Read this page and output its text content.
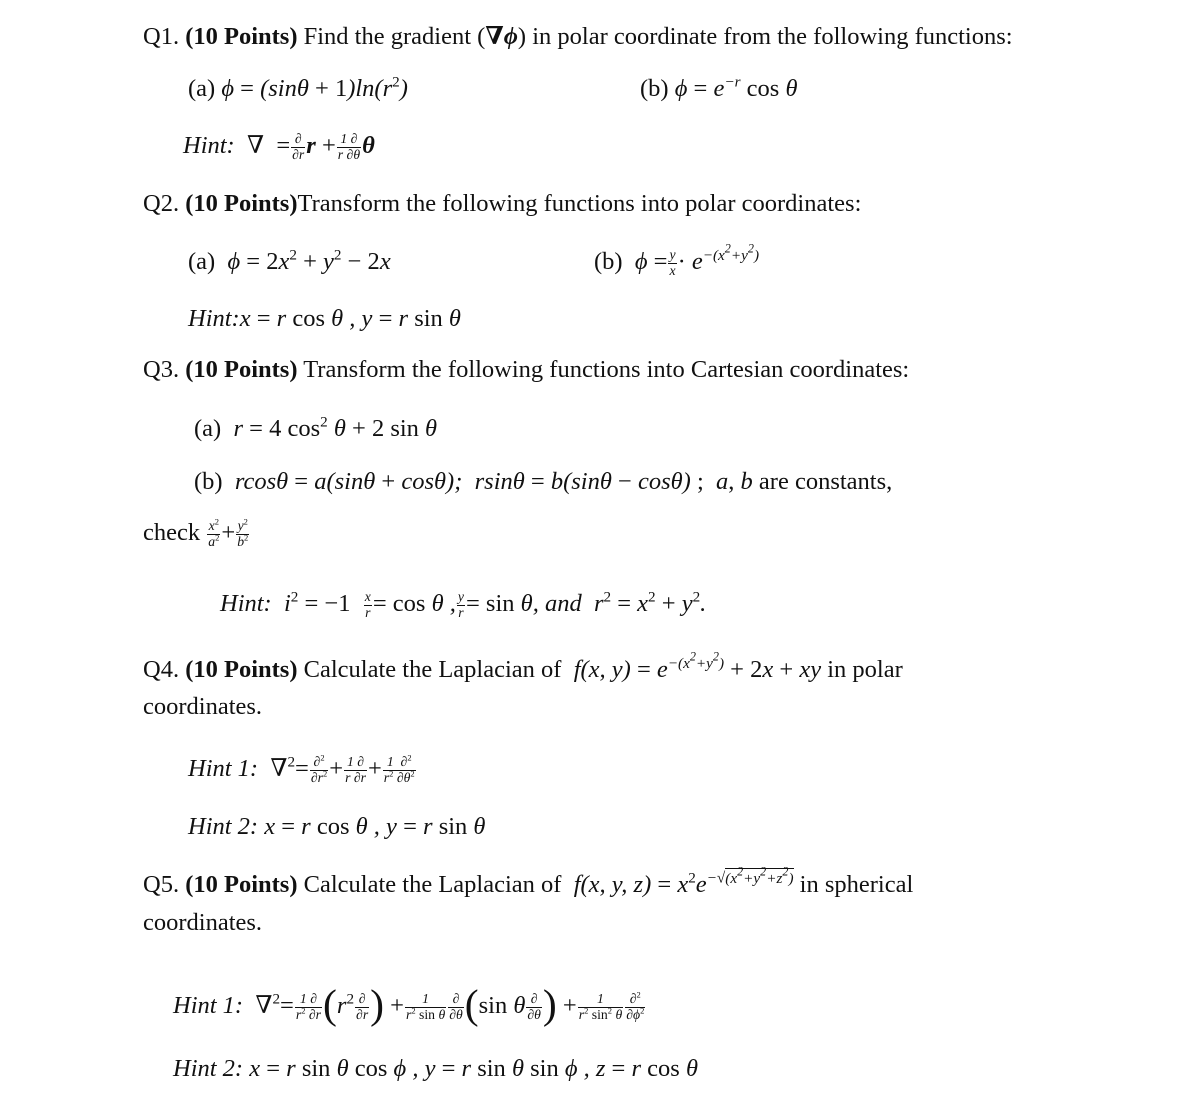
Q1. (10 Points) Find the gradient (∇ϕ) in polar coordinate from the following functions:
(a) $\phi = (\sin\theta + 1)\ln(r^2)$	(b) $\phi = e^{-r}$ cos θ
Hint:  ∇  = $\frac{\partial}{\partial r}$ $r + \frac{1 \partial}{r \partial\theta}$ θ
Q2. (10 Points)Transform the following functions into polar coordinates:
(a)  $\phi = 2x^2 + y^2 - 2x$	(b)  $\phi = \frac{y}{x} \cdot e^{-(x^2+y^2)}$
Hint:x = r cos θ , y = r sin θ
Q3. (10 Points) Transform the following functions into Cartesian coordinates:
(a)  r = 4 $\cos^2 \theta + 2$ sin θ
(b)  rcosθ = a(sinθ + cosθ);  rsinθ = b(sinθ − cosθ) ; a, b are constants,
check $\frac{x^2}{a^2} + \frac{y^2}{b^2}$
Hint:  $i^2 = -1 \frac{x}{r} = \cos \theta$ , $\frac{y}{r} = \sin \theta$, and  $r^2 = x^2 + y^2$.
Q4. (10 Points) Calculate the Laplacian of  f(x, $y) = e^{-(x^2+y^2)} + 2x$ + xy in polar
coordinates.
Hint 1:  $\nabla^2= \frac{\partial^2}{\partial r^2} + \frac{1 \partial}{r \partial r} + \frac{1 \partial^2}{r^2 \partial\theta^2}$
Hint 2: x = r cos θ , y = r sin θ
Q5. (10 Points) Calculate the Laplacian of  f(x, y, $z) = x^2e^{-√(x^2+y^2+z^2)}$ in spherical
coordinates.
Hint 1:  $\nabla^2= \frac{1 \partial}{r^2 \partial r} (r^2 \frac{\partial}{\partial r}$ ) + $\frac{1}{r^2 \sin \theta} \frac{\partial}{\partial\theta} (\sin$ θ $\frac{\partial}{\partial\theta}$ ) + $\frac{1}{r^2 \sin^2 \theta} \frac{\partial^2}{\partial\phi^2}$
Hint 2: x = r sin θ cos ϕ , y = r sin θ sin ϕ , z = r cos θ
